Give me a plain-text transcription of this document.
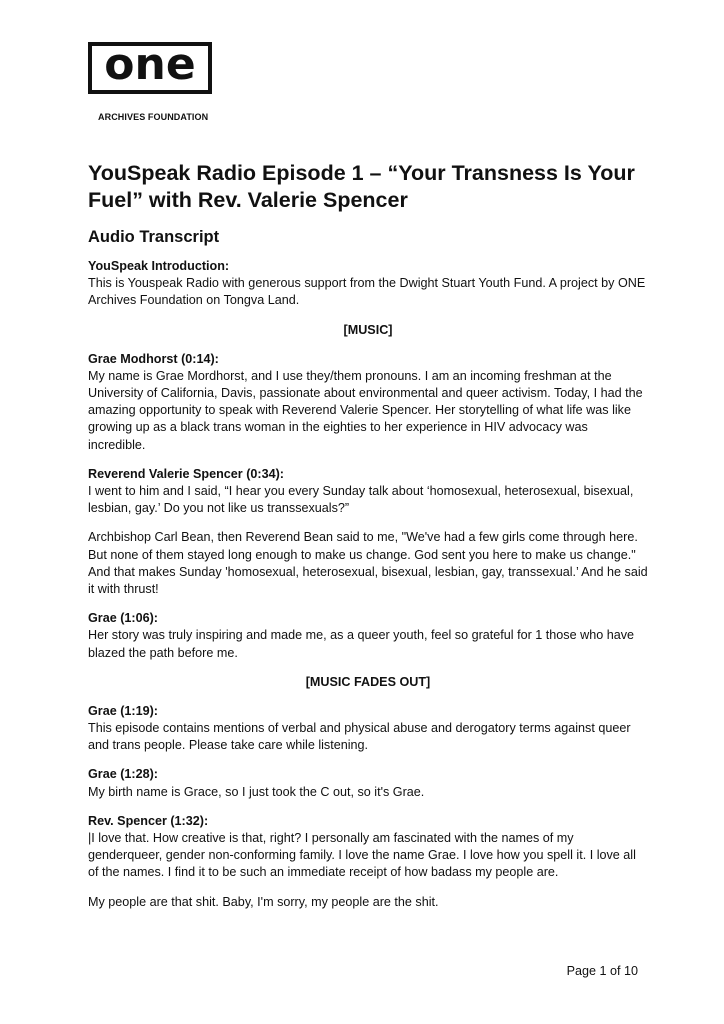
one
ARCHIVES FOUNDATION
YouSpeak Radio Episode 1 – “Your Transness Is Your Fuel” with Rev. Valerie Spencer
Audio Transcript
YouSpeak Introduction:
This is Youspeak Radio with generous support from the Dwight Stuart Youth Fund. A project by ONE Archives Foundation on Tongva Land.
[MUSIC]
Grae Modhorst (0:14):
My name is Grae Mordhorst, and I use they/them pronouns. I am an incoming freshman at the University of California, Davis, passionate about environmental and queer activism. Today, I had the amazing opportunity to speak with Reverend Valerie Spencer. Her storytelling of what life was like growing up as a black trans woman in the eighties to her experience in HIV advocacy was incredible.
Reverend Valerie Spencer (0:34):
I went to him and I said, “I hear you every Sunday talk about ‘homosexual, heterosexual, bisexual, lesbian, gay.’ Do you not like us transsexuals?”
Archbishop Carl Bean, then Reverend Bean said to me, "We've had a few girls come through here. But none of them stayed long enough to make us change. God sent you here to make us change." And that makes Sunday 'homosexual, heterosexual, bisexual, lesbian, gay, transsexual.’ And he said it with thrust!
Grae (1:06):
Her story was truly inspiring and made me, as a queer youth, feel so grateful for 1 those who have blazed the path before me.
[MUSIC FADES OUT]
Grae (1:19):
This episode contains mentions of verbal and physical abuse and derogatory terms against queer and trans people. Please take care while listening.
Grae (1:28):
My birth name is Grace, so I just took the C out, so it's Grae.
Rev. Spencer (1:32):
|I love that. How creative is that, right? I personally am fascinated with the names of my genderqueer, gender non-conforming family. I love the name Grae. I love how you spell it. I love all of the names. I find it to be such an immediate receipt of how badass my people are.
My people are that shit. Baby, I'm sorry, my people are the shit.
Page 1 of 10
